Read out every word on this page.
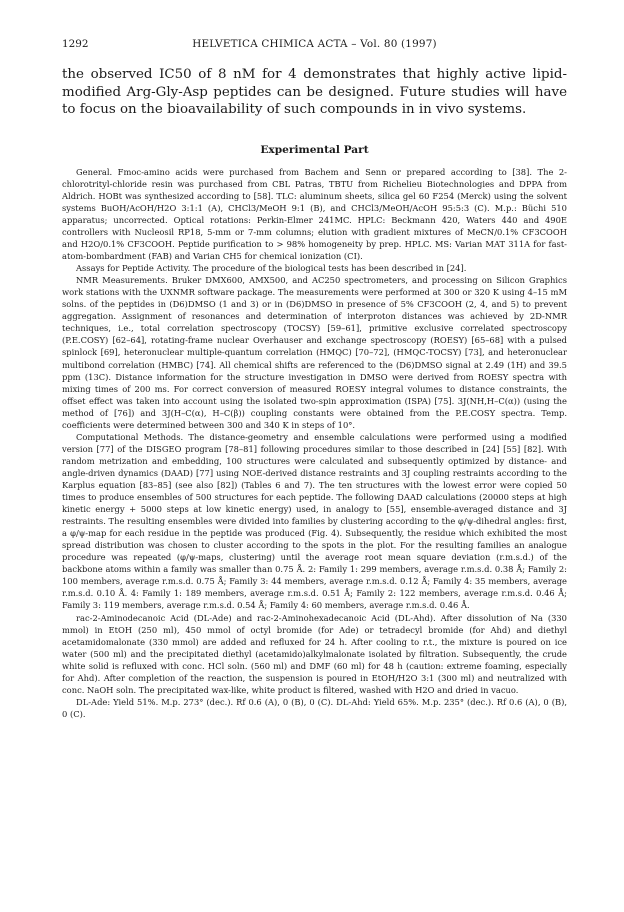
1292	HELVETICA CHIMICA ACTA – Vol. 80 (1997)

the observed IC50 of 8 nM for 4 demonstrates that highly active lipid-modified Arg-Gly-Asp peptides can be designed. Future studies will have to focus on the bioavailability of such compounds in in vivo systems.

Experimental Part

General. Fmoc-amino acids were purchased from Bachem and Senn or prepared according to [38]. The 2-chlorotrityl-chloride resin was purchased from CBL Patras, TBTU from Richelieu Biotechnologies and DPPA from Aldrich. HOBt was synthesized according to [58]. TLC: aluminum sheets, silica gel 60 F254 (Merck) using the solvent systems BuOH/AcOH/H2O 3:1:1 (A), CHCl3/MeOH 9:1 (B), and CHCl3/MeOH/AcOH 95:5:3 (C). M.p.: Büchi 510 apparatus; uncorrected. Optical rotations: Perkin-Elmer 241MC. HPLC: Beckmann 420, Waters 440 and 490E controllers with Nucleosil RP18, 5-mm or 7-mm columns; elution with gradient mixtures of MeCN/0.1% CF3COOH and H2O/0.1% CF3COOH. Peptide purification to > 98% homogeneity by prep. HPLC. MS: Varian MAT 311A for fast-atom-bombardment (FAB) and Varian CH5 for chemical ionization (CI).

Assays for Peptide Activity. The procedure of the biological tests has been described in [24].

NMR Measurements. Bruker DMX600, AMX500, and AC250 spectrometers, and processing on Silicon Graphics work stations with the UXNMR software package. The measurements were performed at 300 or 320 K using 4–15 mM solns. of the peptides in (D6)DMSO (1 and 3) or in (D6)DMSO in presence of 5% CF3COOH (2, 4, and 5) to prevent aggregation. Assignment of resonances and determination of interproton distances was achieved by 2D-NMR techniques, i.e., total correlation spectroscopy (TOCSY) [59–61], primitive exclusive correlated spectroscopy (P.E.COSY) [62–64], rotating-frame nuclear Overhauser and exchange spectroscopy (ROESY) [65–68] with a pulsed spinlock [69], heteronuclear multiple-quantum correlation (HMQC) [70–72], (HMQC-TOCSY) [73], and heteronuclear multibond correlation (HMBC) [74]. All chemical shifts are referenced to the (D6)DMSO signal at 2.49 (1H) and 39.5 ppm (13C). Distance information for the structure investigation in DMSO were derived from ROESY spectra with mixing times of 200 ms. For correct conversion of measured ROESY integral volumes to distance constraints, the offset effect was taken into account using the isolated two-spin approximation (ISPA) [75]. 3J(NH,H–C(α)) (using the method of [76]) and 3J(H–C(α), H–C(β)) coupling constants were obtained from the P.E.COSY spectra. Temp. coefficients were determined between 300 and 340 K in steps of 10°.

Computational Methods. The distance-geometry and ensemble calculations were performed using a modified version [77] of the DISGEO program [78–81] following procedures similar to those described in [24] [55] [82]. With random metrization and embedding, 100 structures were calculated and subsequently optimized by distance- and angle-driven dynamics (DAAD) [77] using NOE-derived distance restraints and 3J coupling restraints according to the Karplus equation [83–85] (see also [82]) (Tables 6 and 7). The ten structures with the lowest error were copied 50 times to produce ensembles of 500 structures for each peptide. The following DAAD calculations (20000 steps at high kinetic energy + 5000 steps at low kinetic energy) used, in analogy to [55], ensemble-averaged distance and 3J restraints. The resulting ensembles were divided into families by clustering according to the φ/ψ-dihedral angles: first, a φ/ψ-map for each residue in the peptide was produced (Fig. 4). Subsequently, the residue which exhibited the most spread distribution was chosen to cluster according to the spots in the plot. For the resulting families an analogue procedure was repeated (φ/ψ-maps, clustering) until the average root mean square deviation (r.m.s.d.) of the backbone atoms within a family was smaller than 0.75 Å. 2: Family 1: 299 members, average r.m.s.d. 0.38 Å; Family 2: 100 members, average r.m.s.d. 0.75 Å; Family 3: 44 members, average r.m.s.d. 0.12 Å; Family 4: 35 members, average r.m.s.d. 0.10 Å. 4: Family 1: 189 members, average r.m.s.d. 0.51 Å; Family 2: 122 members, average r.m.s.d. 0.46 Å; Family 3: 119 members, average r.m.s.d. 0.54 Å; Family 4: 60 members, average r.m.s.d. 0.46 Å.

rac-2-Aminodecanoic Acid (DL-Ade) and rac-2-Aminohexadecanoic Acid (DL-Ahd). After dissolution of Na (330 mmol) in EtOH (250 ml), 450 mmol of octyl bromide (for Ade) or tetradecyl bromide (for Ahd) and diethyl acetamidomalonate (330 mmol) are added and refluxed for 24 h. After cooling to r.t., the mixture is poured on ice water (500 ml) and the precipitated diethyl (acetamido)alkylmalonate isolated by filtration. Subsequently, the crude white solid is refluxed with conc. HCl soln. (560 ml) and DMF (60 ml) for 48 h (caution: extreme foaming, especially for Ahd). After completion of the reaction, the suspension is poured in EtOH/H2O 3:1 (300 ml) and neutralized with conc. NaOH soln. The precipitated wax-like, white product is filtered, washed with H2O and dried in vacuo.

DL-Ade: Yield 51%. M.p. 273° (dec.). Rf 0.6 (A), 0 (B), 0 (C). DL-Ahd: Yield 65%. M.p. 235° (dec.). Rf 0.6 (A), 0 (B), 0 (C).
